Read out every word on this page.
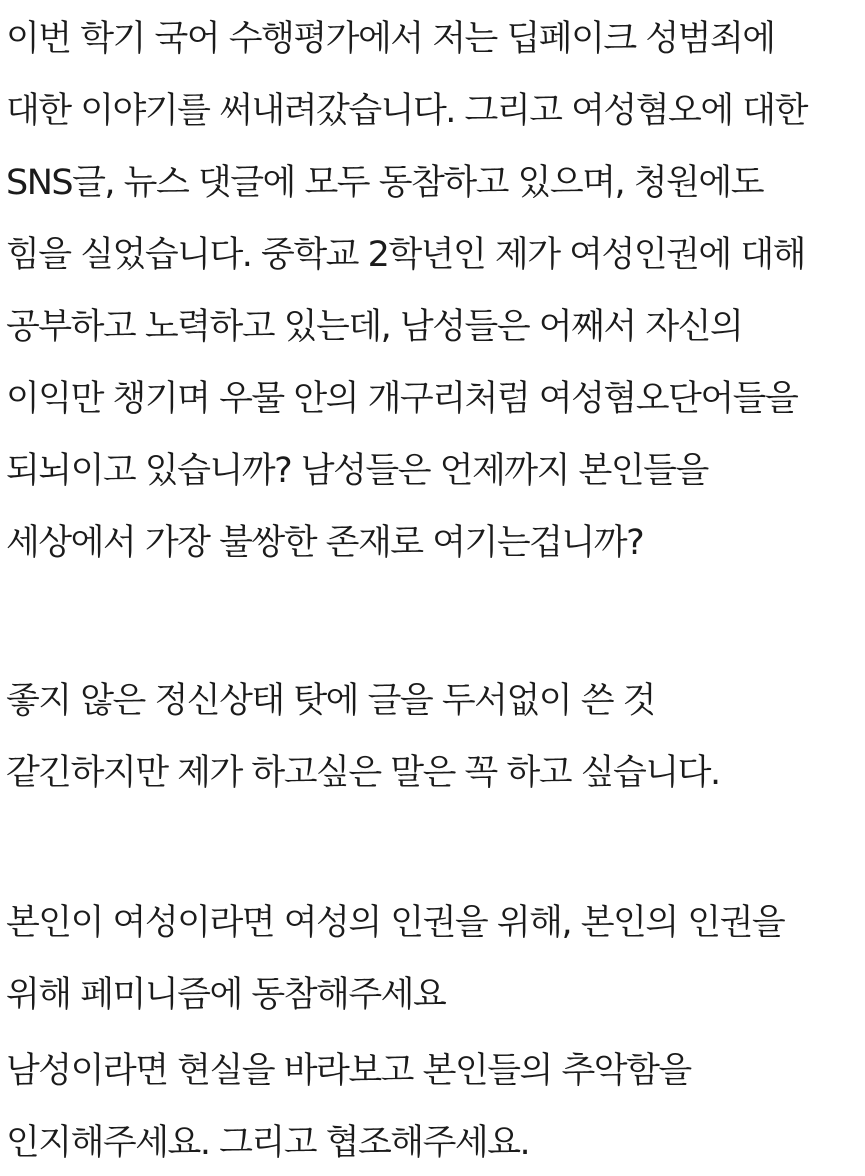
이번 학기 국어 수행평가에서 저는 딥페이크 성범죄에
대한 이야기를 써내려갔습니다. 그리고 여성혐오에 대한
SNS글, 뉴스 댓글에 모두 동참하고 있으며, 청원에도
힘을 실었습니다. 중학교 2학년인 제가 여성인권에 대해
공부하고 노력하고 있는데, 남성들은 어째서 자신의
이익만 챙기며 우물 안의 개구리처럼 여성혐오단어들을
되뇌이고 있습니까? 남성들은 언제까지 본인들을
세상에서 가장 불쌍한 존재로 여기는겁니까?
좋지 않은 정신상태 탓에 글을 두서없이 쓴 것
같긴하지만 제가 하고싶은 말은 꼭 하고 싶습니다.
본인이 여성이라면 여성의 인권을 위해, 본인의 인권을
위해 페미니즘에 동참해주세요
남성이라면 현실을 바라보고 본인들의 추악함을
인지해주세요. 그리고 협조해주세요.
